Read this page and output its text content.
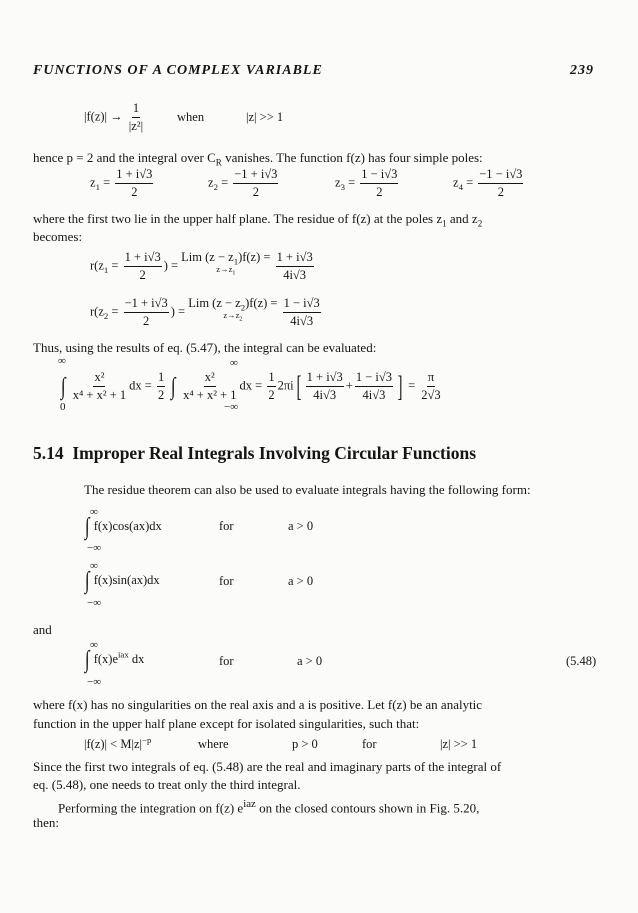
FUNCTIONS OF A COMPLEX VARIABLE	239
$|f(z)| \to \frac{1}{\text{|z²|}}$	when	|z| >> 1
hence p = 2 and the integral over $C_R$ vanishes. The function f(z) has four simple poles:
$z_1 = \frac{1 + i√3}{2}$	$z_2 = \frac{-1 + i√3}{2}$	$z_3 = \frac{1 - i√3}{2}$	$z_4 = \frac{-1 - i√3}{2}$
where the first two lie in the upper half plane. The residue of f(z) at the poles $z_1$ and $z_2$
becomes:
$r(z_1 = \frac{1 + i√3}{2}$ ) =
Lim $(z - z_1)f(z)$ =
$z\to z_1$
	$\frac{1 + i√3}{4i√3}$
$r(z_2 = \frac{-1 + i√3}{2}$ ) =
Lim $(z - z_2)f(z)$ =
$z\to z_2$
	$\frac{1 - i√3}{4i√3}$
Thus, using the results of eq. (5.47), the integral can be evaluated:
∞
0
∫ $\frac{\text{x²}}{\text{x⁴ + x² + 1}}$ dx = $\frac{1}{2}$ ∫ $\frac{\text{x²}}{\text{x⁴ + x² + 1}}$ dx = $\frac{1}{2} 2\pi i[ \frac{1 + i√3}{4i√3} + \frac{1 - i√3}{4i√3}$ ] = $\frac{\pi}{2√3}$
∞
−∞
5.14 Improper Real Integrals Involving Circular Functions
The residue theorem can also be used to evaluate integrals having the following form:
∞
∫ f(x)cos(ax)dx
−∞
for	a > 0
∞
∫ f(x)sin(ax)dx
−∞
for	a > 0
and
∞
∫ $f(x)e^{iax}$ dx
−∞
for	a > 0	(5.48)
where f(x) has no singularities on the real axis and a is positive. Let f(z) be an analytic
function in the upper half plane except for isolated singularities, such that:
$|f(z)| < M|z|^{-p}$	where	p > 0	for	|z| >> 1
Since the first two integrals of eq. (5.48) are the real and imaginary parts of the integral of
eq. (5.48), one needs to treat only the third integral.
Performing the integration on f(z) $e^{iaz}$ on the closed contours shown in Fig. 5.20,
then:
